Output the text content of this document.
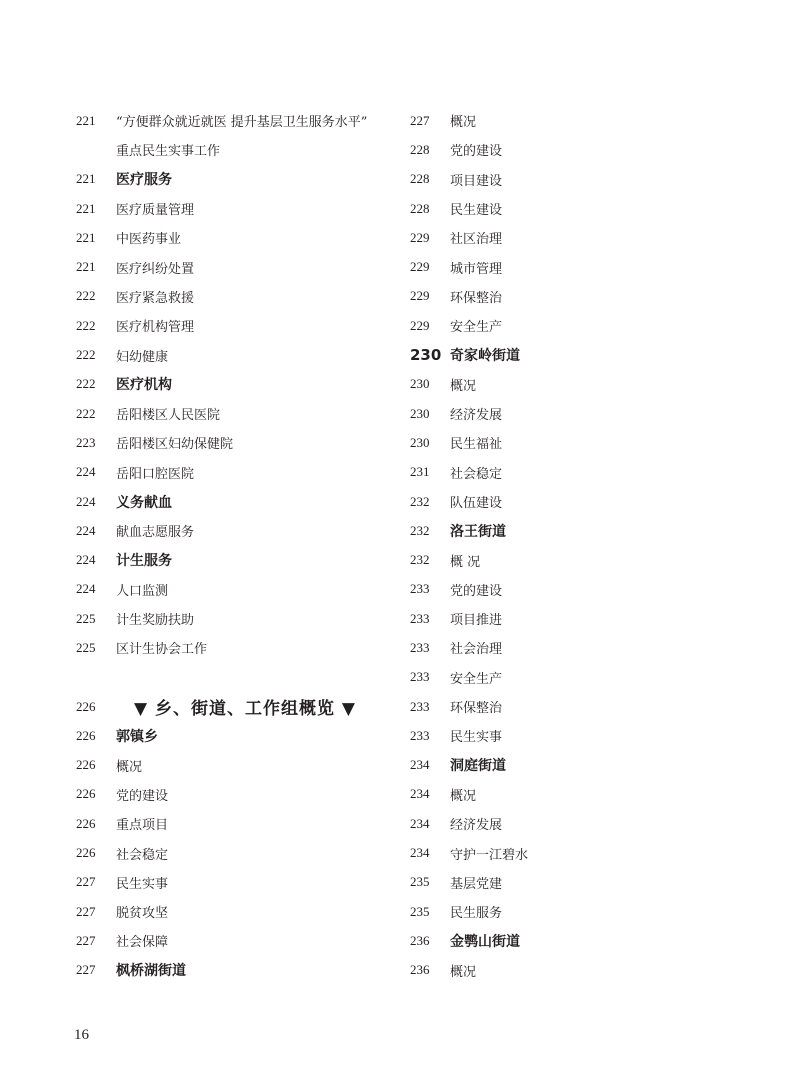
221	“方便群众就近就医 提升基层卫生服务水平”
重点民生实事工作
221	医疗服务
221	医疗质量管理
221	中医药事业
221	医疗纠纷处置
222	医疗紧急救援
222	医疗机构管理
222	妇幼健康
222	医疗机构
222	岳阳楼区人民医院
223	岳阳楼区妇幼保健院
224	岳阳口腔医院
224	义务献血
224	献血志愿服务
224	计生服务
224	人口监测
225	计生奖励扶助
225	区计生协会工作
226	▼ 乡、街道、工作组概览 ▼
226	郭镇乡
226	概况
226	党的建设
226	重点项目
226	社会稳定
227	民生实事
227	脱贫攻坚
227	社会保障
227	枫桥湖街道
227	概况
228	党的建设
228	项目建设
228	民生建设
229	社区治理
229	城市管理
229	环保整治
229	安全生产
230 奇家岭街道
230	概况
230	经济发展
230	民生福祉
231	社会稳定
232	队伍建设
232	洛王街道
232	概 况
233	党的建设
233	项目推进
233	社会治理
233	安全生产
233	环保整治
233	民生实事
234	洞庭街道
234	概况
234	经济发展
234	守护一江碧水
235	基层党建
235	民生服务
236	金鹗山街道
236	概况
16
